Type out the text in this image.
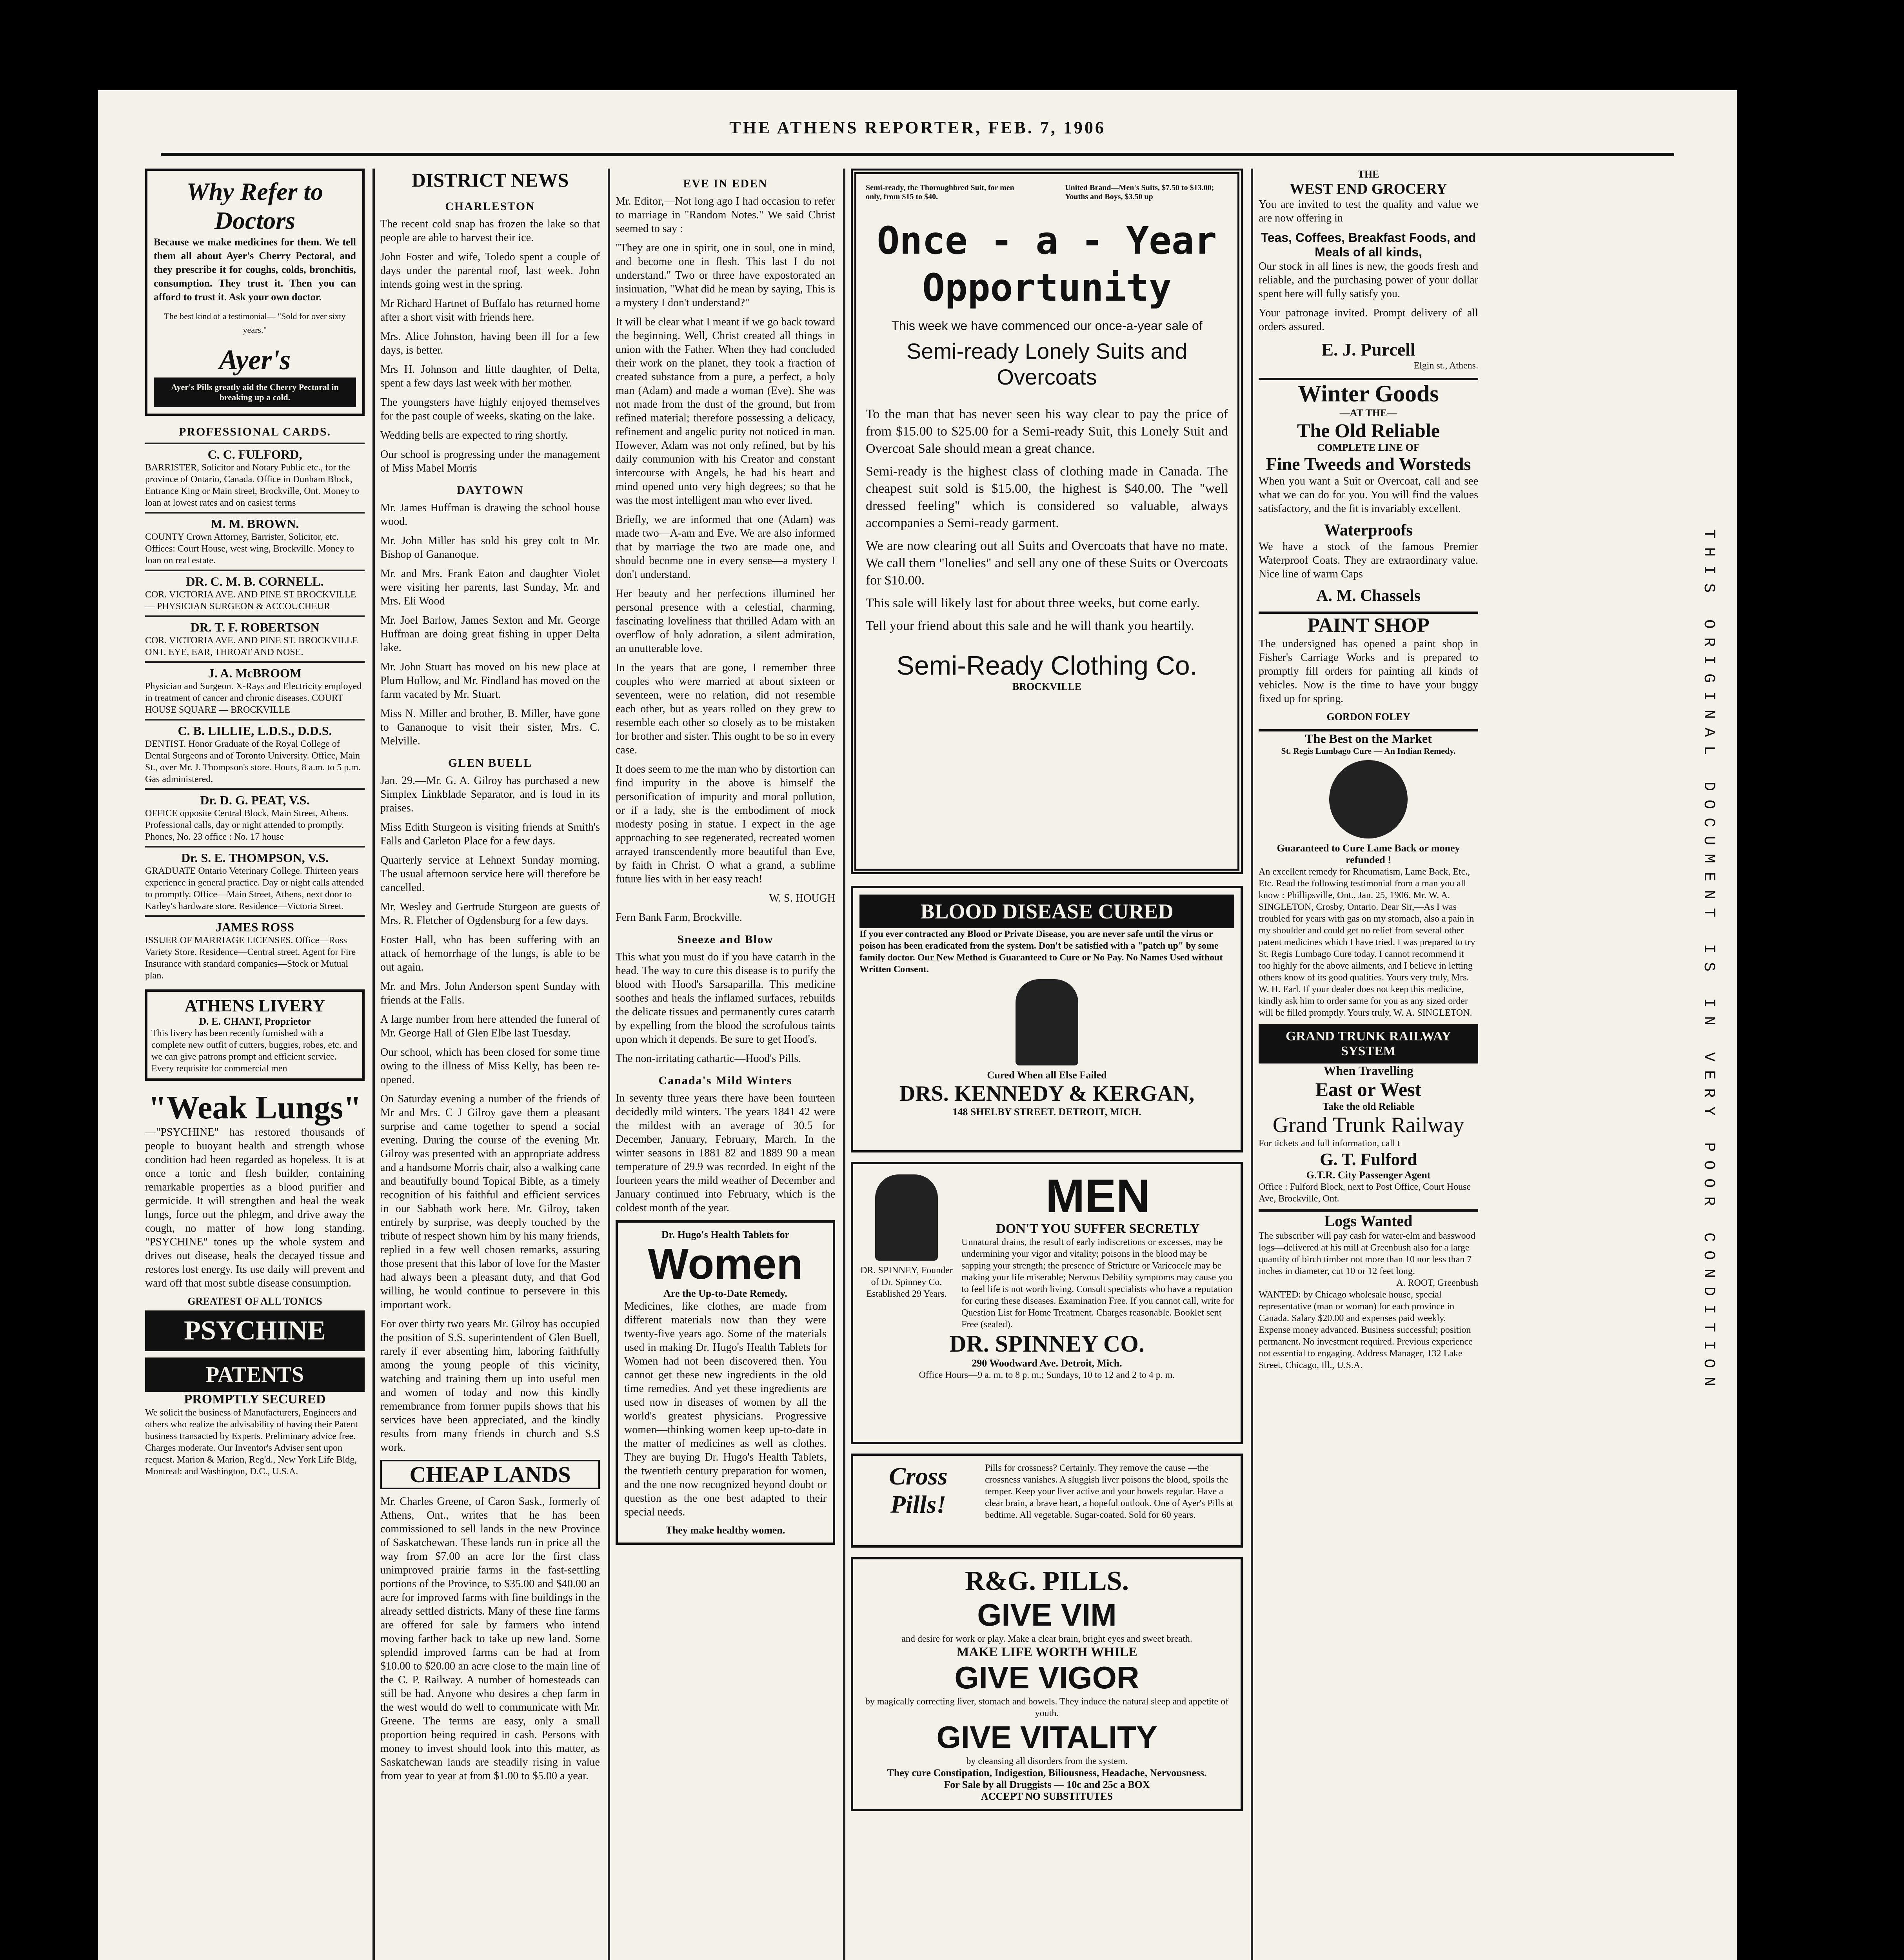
THE ATHENS REPORTER, FEB. 7, 1906
Why Refer to Doctors

Because we make medicines for them. We tell them all about Ayer's Cherry Pectoral, and they prescribe it for coughs, colds, bronchitis, consumption. They trust it. Then you can afford to trust it. Ask your own doctor.

The best kind of a testimonial— "Sold for over sixty years."

Ayer's
Ayer's Pills greatly aid the Cherry Pectoral in breaking up a cold.
PROFESSIONAL CARDS.
C. C. FULFORD,

BARRISTER, Solicitor and Notary Public etc., for the province of Ontario, Canada. Office in Dunham Block, Entrance King or Main street, Brockville, Ont. Money to loan at lowest rates and on easiest terms

M. M. BROWN.

COUNTY Crown Attorney, Barrister, Solicitor, etc. Offices: Court House, west wing, Brockville. Money to loan on real estate.

DR. C. M. B. CORNELL.

COR. VICTORIA AVE. AND PINE ST BROCKVILLE — PHYSICIAN SURGEON & ACCOUCHEUR

DR. T. F. ROBERTSON

COR. VICTORIA AVE. AND PINE ST. BROCKVILLE ONT. EYE, EAR, THROAT AND NOSE.

J. A. McBROOM

Physician and Surgeon. X-Rays and Electricity employed in treatment of cancer and chronic diseases. COURT HOUSE SQUARE — BROCKVILLE

C. B. LILLIE, L.D.S., D.D.S.

DENTIST. Honor Graduate of the Royal College of Dental Surgeons and of Toronto University. Office, Main St., over Mr. J. Thompson's store. Hours, 8 a.m. to 5 p.m. Gas administered.

Dr. D. G. PEAT, V.S.

OFFICE opposite Central Block, Main Street, Athens. Professional calls, day or night attended to promptly. Phones, No. 23 office : No. 17 house

Dr. S. E. THOMPSON, V.S.

GRADUATE Ontario Veterinary College. Thirteen years experience in general practice. Day or night calls attended to promptly. Office—Main Street, Athens, next door to Karley's hardware store. Residence—Victoria Street.

JAMES ROSS

ISSUER OF MARRIAGE LICENSES. Office—Ross Variety Store. Residence—Central street. Agent for Fire Insurance with standard companies—Stock or Mutual plan.

ATHENS LIVERY
D. E. CHANT, Proprietor

This livery has been recently furnished with a complete new outfit of cutters, buggies, robes, etc. and we can give patrons prompt and efficient service. Every requisite for commercial men

"Weak Lungs"

—"PSYCHINE" has restored thousands of people to buoyant health and strength whose condition had been regarded as hopeless. It is at once a tonic and flesh builder, containing remarkable properties as a blood purifier and germicide. It will strengthen and heal the weak lungs, force out the phlegm, and drive away the cough, no matter of how long standing. "PSYCHINE" tones up the whole system and drives out disease, heals the decayed tissue and restores lost energy. Its use daily will prevent and ward off that most subtle disease consumption.

GREATEST OF ALL TONICS
PSYCHINE
PATENTS
PROMPTLY SECURED

We solicit the business of Manufacturers, Engineers and others who realize the advisability of having their Patent business transacted by Experts. Preliminary advice free. Charges moderate. Our Inventor's Adviser sent upon request. Marion & Marion, Reg'd., New York Life Bldg, Montreal: and Washington, D.C., U.S.A.

DISTRICT NEWS
CHARLESTON

The recent cold snap has frozen the lake so that people are able to harvest their ice.

John Foster and wife, Toledo spent a couple of days under the parental roof, last week. John intends going west in the spring.

Mr Richard Hartnet of Buffalo has returned home after a short visit with friends here.

Mrs. Alice Johnston, having been ill for a few days, is better.

Mrs H. Johnson and little daughter, of Delta, spent a few days last week with her mother.

The youngsters have highly enjoyed themselves for the past couple of weeks, skating on the lake.

Wedding bells are expected to ring shortly.

Our school is progressing under the management of Miss Mabel Morris

DAYTOWN

Mr. James Huffman is drawing the school house wood.

Mr. John Miller has sold his grey colt to Mr. Bishop of Gananoque.

Mr. and Mrs. Frank Eaton and daughter Violet were visiting her parents, last Sunday, Mr. and Mrs. Eli Wood

Mr. Joel Barlow, James Sexton and Mr. George Huffman are doing great fishing in upper Delta lake.

Mr. John Stuart has moved on his new place at Plum Hollow, and Mr. Findland has moved on the farm vacated by Mr. Stuart.

Miss N. Miller and brother, B. Miller, have gone to Gananoque to visit their sister, Mrs. C. Melville.

GLEN BUELL

Jan. 29.—Mr. G. A. Gilroy has purchased a new Simplex Linkblade Separator, and is loud in its praises.

Miss Edith Sturgeon is visiting friends at Smith's Falls and Carleton Place for a few days.

Quarterly service at Lehnext Sunday morning. The usual afternoon service here will therefore be cancelled.

Mr. Wesley and Gertrude Sturgeon are guests of Mrs. R. Fletcher of Ogdensburg for a few days.

Foster Hall, who has been suffering with an attack of hemorrhage of the lungs, is able to be out again.

Mr. and Mrs. John Anderson spent Sunday with friends at the Falls.

A large number from here attended the funeral of Mr. George Hall of Glen Elbe last Tuesday.

Our school, which has been closed for some time owing to the illness of Miss Kelly, has been re-opened.

On Saturday evening a number of the friends of Mr and Mrs. C J Gilroy gave them a pleasant surprise and came together to spend a social evening. During the course of the evening Mr. Gilroy was presented with an appropriate address and a handsome Morris chair, also a walking cane and beautifully bound Topical Bible, as a timely recognition of his faithful and efficient services in our Sabbath work here. Mr. Gilroy, taken entirely by surprise, was deeply touched by the tribute of respect shown him by his many friends, replied in a few well chosen remarks, assuring those present that this labor of love for the Master had always been a pleasant duty, and that God willing, he would continue to persevere in this important work.

For over thirty two years Mr. Gilroy has occupied the position of S.S. superintendent of Glen Buell, rarely if ever absenting him, laboring faithfully among the young people of this vicinity, watching and training them up into useful men and women of today and now this kindly remembrance from former pupils shows that his services have been appreciated, and the kindly results from many friends in church and S.S work.

CHEAP LANDS

Mr. Charles Greene, of Caron Sask., formerly of Athens, Ont., writes that he has been commissioned to sell lands in the new Province of Saskatchewan. These lands run in price all the way from $7.00 an acre for the first class unimproved prairie farms in the fast-settling portions of the Province, to $35.00 and $40.00 an acre for improved farms with fine buildings in the already settled districts. Many of these fine farms are offered for sale by farmers who intend moving farther back to take up new land. Some splendid improved farms can be had at from $10.00 to $20.00 an acre close to the main line of the C. P. Railway. A number of homesteads can still be had. Anyone who desires a chep farm in the west would do well to communicate with Mr. Greene. The terms are easy, only a small proportion being required in cash. Persons with money to invest should look into this matter, as Saskatchewan lands are steadily rising in value from year to year at from $1.00 to $5.00 a year.

EVE IN EDEN

Mr. Editor,—Not long ago I had occasion to refer to marriage in "Random Notes." We said Christ seemed to say :

"They are one in spirit, one in soul, one in mind, and become one in flesh. This last I do not understand." Two or three have expostorated an insinuation, "What did he mean by saying, This is a mystery I don't understand?"

It will be clear what I meant if we go back toward the beginning. Well, Christ created all things in union with the Father. When they had concluded their work on the planet, they took a fraction of created substance from a pure, a perfect, a holy man (Adam) and made a woman (Eve). She was not made from the dust of the ground, but from refined material; therefore possessing a delicacy, refinement and angelic purity not noticed in man. However, Adam was not only refined, but by his daily communion with his Creator and constant intercourse with Angels, he had his heart and mind opened unto very high degrees; so that he was the most intelligent man who ever lived.

Briefly, we are informed that one (Adam) was made two—A-am and Eve. We are also informed that by marriage the two are made one, and should become one in every sense—a mystery I don't understand.

Her beauty and her perfections illumined her personal presence with a celestial, charming, fascinating loveliness that thrilled Adam with an overflow of holy adoration, a silent admiration, an unutterable love.

In the years that are gone, I remember three couples who were married at about sixteen or seventeen, were no relation, did not resemble each other, but as years rolled on they grew to resemble each other so closely as to be mistaken for brother and sister. This ought to be so in every case.

It does seem to me the man who by distortion can find impurity in the above is himself the personification of impurity and moral pollution, or if a lady, she is the embodiment of mock modesty posing in statue. I expect in the age approaching to see regenerated, recreated women arrayed transcendently more beautiful than Eve, by faith in Christ. O what a grand, a sublime future lies with in her easy reach!

W. S. HOUGH

Fern Bank Farm, Brockville.

Sneeze and Blow

This what you must do if you have catarrh in the head. The way to cure this disease is to purify the blood with Hood's Sarsaparilla. This medicine soothes and heals the inflamed surfaces, rebuilds the delicate tissues and permanently cures catarrh by expelling from the blood the scrofulous taints upon which it depends. Be sure to get Hood's.

The non-irritating cathartic—Hood's Pills.

Canada's Mild Winters

In seventy three years there have been fourteen decidedly mild winters. The years 1841 42 were the mildest with an average of 30.5 for December, January, February, March. In the winter seasons in 1881 82 and 1889 90 a mean temperature of 29.9 was recorded. In eight of the fourteen years the mild weather of December and January continued into February, which is the coldest month of the year.

Dr. Hugo's Health Tablets for
Women
Are the Up-to-Date Remedy.

Medicines, like clothes, are made from different materials now than they were twenty-five years ago. Some of the materials used in making Dr. Hugo's Health Tablets for Women had not been discovered then. You cannot get these new ingredients in the old time remedies. And yet these ingredients are used now in diseases of women by all the world's greatest physicians. Progressive women—thinking women keep up-to-date in the matter of medicines as well as clothes. They are buying Dr. Hugo's Health Tablets, the twentieth century preparation for women, and the one now recognized beyond doubt or question as the one best adapted to their special needs.

They make healthy women.
Semi-ready, the Thoroughbred Suit, for men only, from $15 to $40.
United Brand—Men's Suits, $7.50 to $13.00; Youths and Boys, $3.50 up
Once - a - Year Opportunity

This week we have commenced our once-a-year sale of

Semi-ready Lonely Suits and Overcoats

To the man that has never seen his way clear to pay the price of from $15.00 to $25.00 for a Semi-ready Suit, this Lonely Suit and Overcoat Sale should mean a great chance.

Semi-ready is the highest class of clothing made in Canada. The cheapest suit sold is $15.00, the highest is $40.00. The "well dressed feeling" which is considered so valuable, always accompanies a Semi-ready garment.

We are now clearing out all Suits and Overcoats that have no mate. We call them "lonelies" and sell any one of these Suits or Overcoats for $10.00.

This sale will likely last for about three weeks, but come early.

Tell your friend about this sale and he will thank you heartily.

Semi-Ready Clothing Co.
BROCKVILLE
BLOOD DISEASE CURED

If you ever contracted any Blood or Private Disease, you are never safe until the virus or poison has been eradicated from the system. Don't be satisfied with a "patch up" by some family doctor. Our New Method is Guaranteed to Cure or No Pay. No Names Used without Written Consent.

Cured When all Else Failed
DRS. KENNEDY & KERGAN,
148 SHELBY STREET. DETROIT, MICH.

DR. SPINNEY, Founder of Dr. Spinney Co. Established 29 Years.

MEN
DON'T YOU SUFFER SECRETLY

Unnatural drains, the result of early indiscretions or excesses, may be undermining your vigor and vitality; poisons in the blood may be sapping your strength; the presence of Stricture or Varicocele may be making your life miserable; Nervous Debility symptoms may cause you to feel life is not worth living. Consult specialists who have a reputation for curing these diseases. Examination Free. If you cannot call, write for Question List for Home Treatment. Charges reasonable. Booklet sent Free (sealed).

DR. SPINNEY CO.
290 Woodward Ave. Detroit, Mich.
Office Hours—9 a. m. to 8 p. m.; Sundays, 10 to 12 and 2 to 4 p. m.
Cross Pills!

Pills for crossness? Certainly. They remove the cause —the crossness vanishes. A sluggish liver poisons the blood, spoils the temper. Keep your liver active and your bowels regular. Have a clear brain, a brave heart, a hopeful outlook. One of Ayer's Pills at bedtime. All vegetable. Sugar-coated. Sold for 60 years.

R&G. PILLS.
GIVE VIM
and desire for work or play. Make a clear brain, bright eyes and sweet breath.
MAKE LIFE WORTH WHILE
GIVE VIGOR
by magically correcting liver, stomach and bowels. They induce the natural sleep and appetite of youth.
GIVE VITALITY
by cleansing all disorders from the system.
They cure Constipation, Indigestion, Biliousness, Headache, Nervousness.
For Sale by all Druggists — 10c and 25c a BOX
ACCEPT NO SUBSTITUTES
THE
WEST END GROCERY

You are invited to test the quality and value we are now offering in

Teas, Coffees, Breakfast Foods, and Meals of all kinds,

Our stock in all lines is new, the goods fresh and reliable, and the purchasing power of your dollar spent here will fully satisfy you.

Your patronage invited. Prompt delivery of all orders assured.

E. J. Purcell
Elgin st., Athens.
Winter Goods
—AT THE—
The Old Reliable
COMPLETE LINE OF
Fine Tweeds and Worsteds

When you want a Suit or Overcoat, call and see what we can do for you. You will find the values satisfactory, and the fit is invariably excellent.

Waterproofs

We have a stock of the famous Premier Waterproof Coats. They are extraordinary value. Nice line of warm Caps

A. M. Chassels
PAINT SHOP

The undersigned has opened a paint shop in Fisher's Carriage Works and is prepared to promptly fill orders for painting all kinds of vehicles. Now is the time to have your buggy fixed up for spring.

GORDON FOLEY
The Best on the Market
St. Regis Lumbago Cure — An Indian Remedy.
Guaranteed to Cure Lame Back or money refunded !

An excellent remedy for Rheumatism, Lame Back, Etc., Etc. Read the following testimonial from a man you all know : Phillipsville, Ont., Jan. 25, 1906. Mr. W. A. SINGLETON, Crosby, Ontario. Dear Sir,—As I was troubled for years with gas on my stomach, also a pain in my shoulder and could get no relief from several other patent medicines which I have tried. I was prepared to try St. Regis Lumbago Cure today. I cannot recommend it too highly for the above ailments, and I believe in letting others know of its good qualities. Yours very truly, Mrs. W. H. Earl. If your dealer does not keep this medicine, kindly ask him to order same for you as any sized order will be filled promptly. Yours truly, W. A. SINGLETON.

GRAND TRUNK RAILWAY SYSTEM
When Travelling
East or West
Take the old Reliable
Grand Trunk Railway
For tickets and full information, call t
G. T. Fulford
G.T.R. City Passenger Agent
Office : Fulford Block, next to Post Office, Court House Ave, Brockville, Ont.
Logs Wanted

The subscriber will pay cash for water-elm and basswood logs—delivered at his mill at Greenbush also for a large quantity of birch timber not more than 10 nor less than 7 inches in diameter, cut 10 or 12 feet long.

A. ROOT, Greenbush

WANTED: by Chicago wholesale house, special representative (man or woman) for each province in Canada. Salary $20.00 and expenses paid weekly. Expense money advanced. Business successful; position permanent. No investment required. Previous experience not essential to engaging. Address Manager, 132 Lake Street, Chicago, Ill., U.S.A.	THIS ORIGINAL DOCUMENT IS IN VERY POOR CONDITION
